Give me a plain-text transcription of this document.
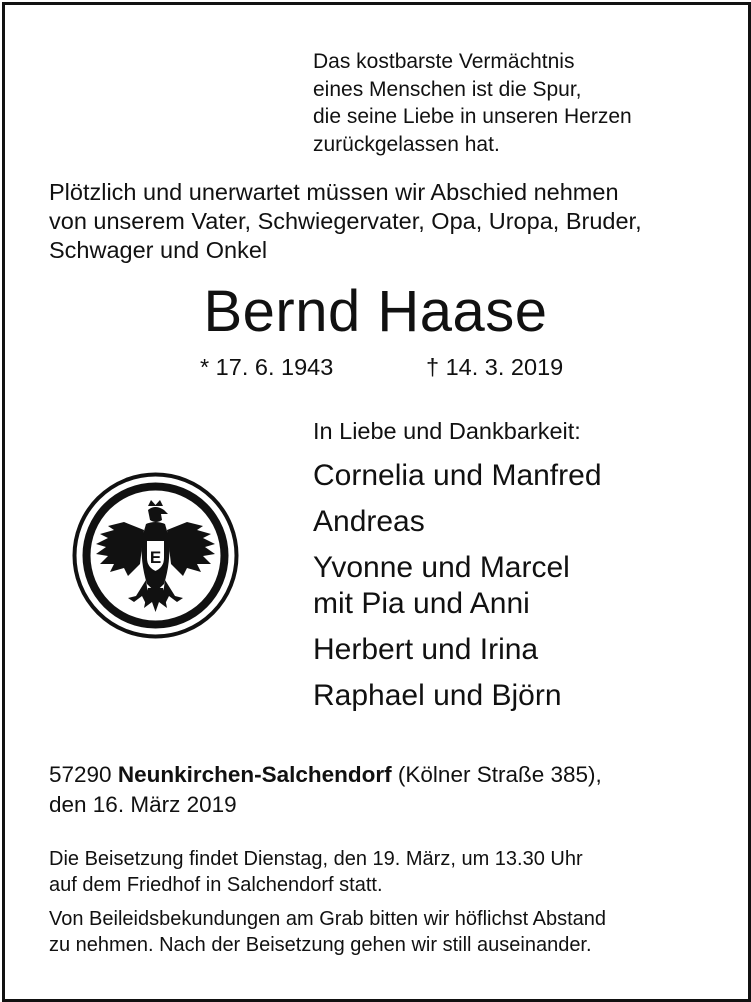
Das kostbarste Vermächtnis
eines Menschen ist die Spur,
die seine Liebe in unseren Herzen
zurückgelassen hat.
Plötzlich und unerwartet müssen wir Abschied nehmen
von unserem Vater, Schwiegervater, Opa, Uropa, Bruder,
Schwager und Onkel
Bernd Haase
* 17. 6. 1943	† 14. 3. 2019
In Liebe und Dankbarkeit:
Cornelia und Manfred
Andreas
Yvonne und Marcel
mit Pia und Anni
Herbert und Irina
Raphael und Björn
E
57290 Neunkirchen-Salchendorf (Kölner Straße 385),
den 16. März 2019
Die Beisetzung findet Dienstag, den 19. März, um 13.30 Uhr
auf dem Friedhof in Salchendorf statt.
Von Beileidsbekundungen am Grab bitten wir höflichst Abstand
zu nehmen. Nach der Beisetzung gehen wir still auseinander.
